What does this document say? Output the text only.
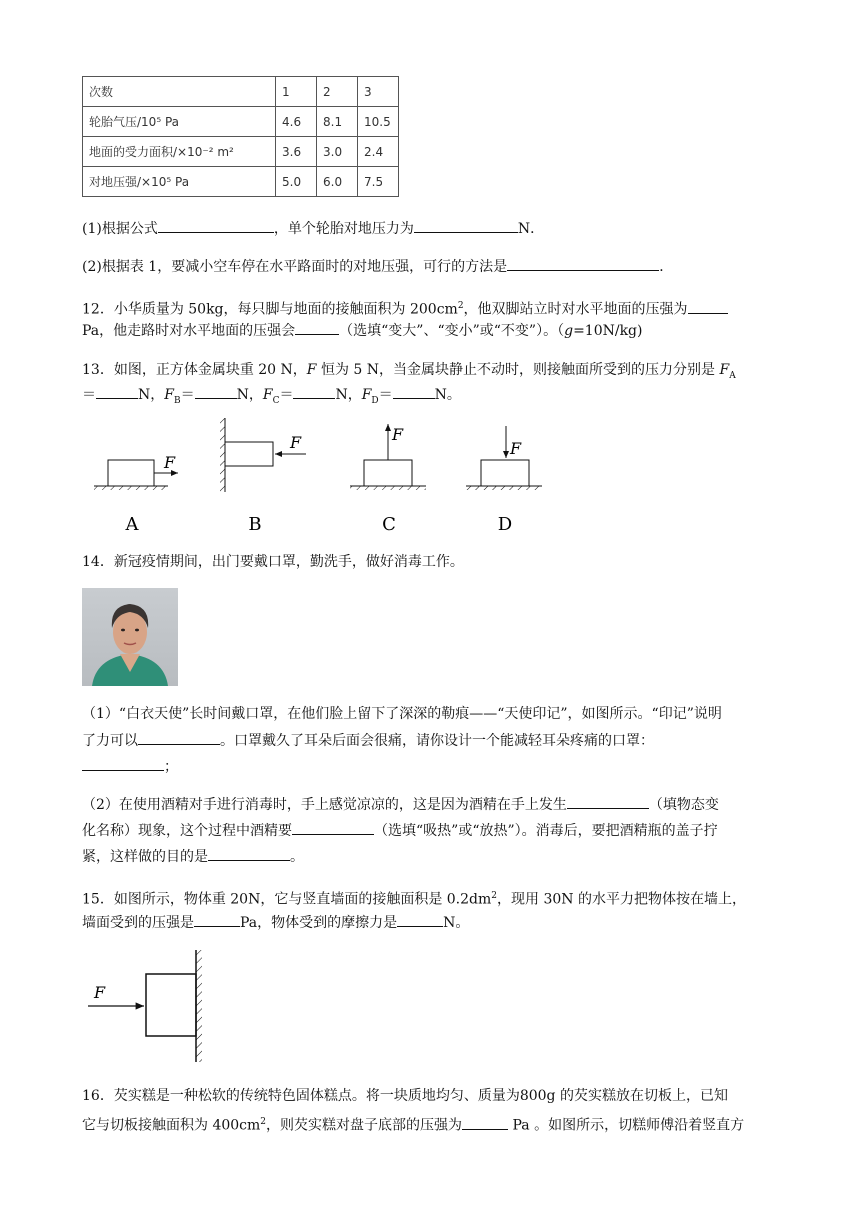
次数	1	2	3
轮胎气压/10⁵ Pa	4.6	8.1	10.5
地面的受力面积/×10⁻² m²	3.6	3.0	2.4
对地压强/×10⁵ Pa	5.0	6.0	7.5
(1)根据公式	，单个轮胎对地压力为	N．
(2)根据表 1，要减小空车停在水平路面时的对地压强，可行的方法是	．
12．小华质量为 50kg，每只脚与地面的接触面积为 $200cm^2$，他双脚站立时对水平地面的压强为
Pa，他走路时对水平地面的压强会	（选填“变大”、“变小”或“不变”）。（g=10N/kg)
13．如图，正方体金属块重 20 N，F 恒为 5 N，当金属块静止不动时，则接触面所受到的压力分别是 $F_A$
＝	N，$F_B=$	N，$F_C=$	N，$F_D=$	N。
F
F	F
F
A	B	C	D
14．新冠疫情期间，出门要戴口罩，勤洗手，做好消毒工作。
（1）“白衣天使”长时间戴口罩，在他们脸上留下了深深的勒痕——“天使印记”，如图所示。“印记”说明
了力可以	。口罩戴久了耳朵后面会很痛，请你设计一个能减轻耳朵疼痛的口罩：
；
（2）在使用酒精对手进行消毒时，手上感觉凉凉的，这是因为酒精在手上发生	（填物态变
化名称）现象，这个过程中酒精要	（选填“吸热”或“放热”）。消毒后，要把酒精瓶的盖子拧
紧，这样做的目的是	。
15．如图所示，物体重 20N，它与竖直墙面的接触面积是 $0.2dm^2$，现用 30N 的水平力把物体按在墙上，
墙面受到的压强是	Pa，物体受到的摩擦力是	N。
F
16．芡实糕是一种松软的传统特色固体糕点。将一块质地均匀、质量为800g 的芡实糕放在切板上，已知
它与切板接触面积为 $400cm^2$，则芡实糕对盘子底部的压强为	Pa 。如图所示，切糕师傅沿着竖直方
